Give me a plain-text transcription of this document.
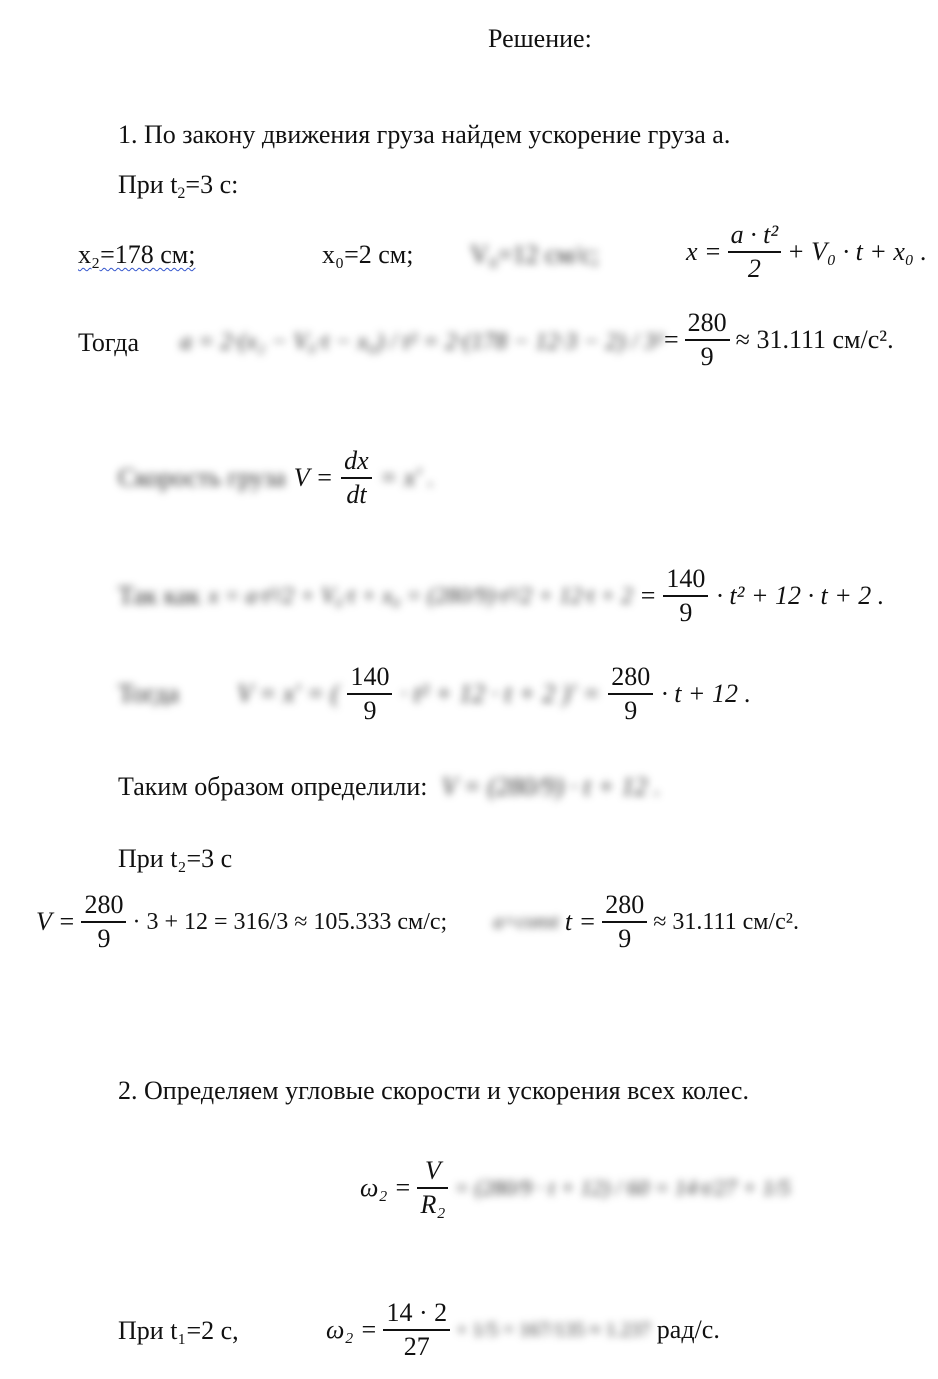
Решение:
1. По закону движения груза найдем ускорение груза а.
При $t_2=3$ с:
x₂=178 см;	x₀=2 см; V₀=12 см/с;	$x = \frac{\text{a · t²}}{2} + V_0 \cdot t + x_0$ .
Тогда $a = 2\cdot(x_2 - V_0\cdot t - x_0) / t^2 = 2\cdot(178 - 12\cdot 3 - 2) / 3^2 = \frac{280}{9} \approx 31.111$ см/с².
Скорость груза $V = \frac{dx}{dt} = x'$ .
Так как $x = a\cdot t^2/2 + V_0\cdot t + x_0 = (280/9)\cdot t^2/2 + 12\cdot t + 2 = \frac{140}{9} \cdot t^2 + 12 \cdot t + 2$ .
Тогда V = x′ = ( $\frac{140}{9} \cdot t^2 + 12 \cdot t + 2$ )′ = $\frac{280}{9} \cdot t + 12$ .
Таким образом определили: V = (280/9) · t + 12 .
При t₂=3 с
$V = \frac{280}{9} \cdot 3 + 12 = 316/3 \approx 105.333$ см/с; a=const $t = \frac{280}{9} \approx 31.111$ см/с².
2. Определяем угловые скорости и ускорения всех колес.
$\omega_2 = \frac{V}{\text{R₂}} = (280/9 \cdot t + 12) / 60 = 14\cdot t/27 + 1/5$
При t₁=2 с,	$\omega_2 = \frac{14 \cdot 2}{27} + 1/5 = 167/135 \approx 1.237$ рад/с.
